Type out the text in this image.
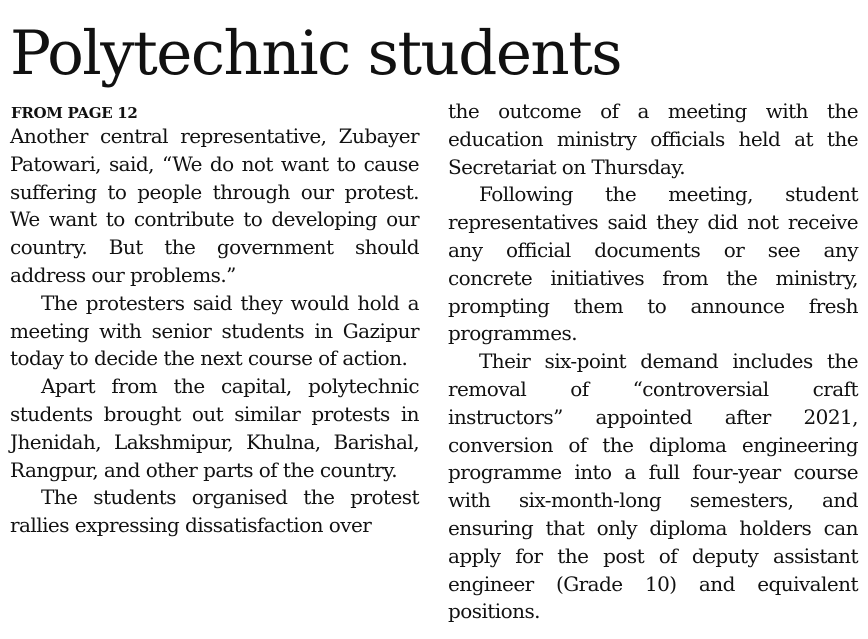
Polytechnic students
FROM PAGE 12

Another central representative, Zubayer Patowari, said, “We do not want to cause suffering to people through our protest. We want to contribute to developing our country. But the government should address our problems.”

The protesters said they would hold a meeting with senior students in Gazipur today to decide the next course of action.

Apart from the capital, polytechnic students brought out similar protests in Jhenidah, Lakshmipur, Khulna, Barishal, Rangpur, and other parts of the country.

The students organised the protest rallies expressing dissatisfaction over

the outcome of a meeting with the education ministry officials held at the Secretariat on Thursday.

Following the meeting, student representatives said they did not receive any official documents or see any concrete initiatives from the ministry, prompting them to announce fresh programmes.

Their six-point demand includes the removal of “controversial craft instructors” appointed after 2021, conversion of the diploma engineering programme into a full four-year course with six-month-long semesters, and ensuring that only diploma holders can apply for the post of deputy assistant engineer (Grade 10) and equivalent positions.
